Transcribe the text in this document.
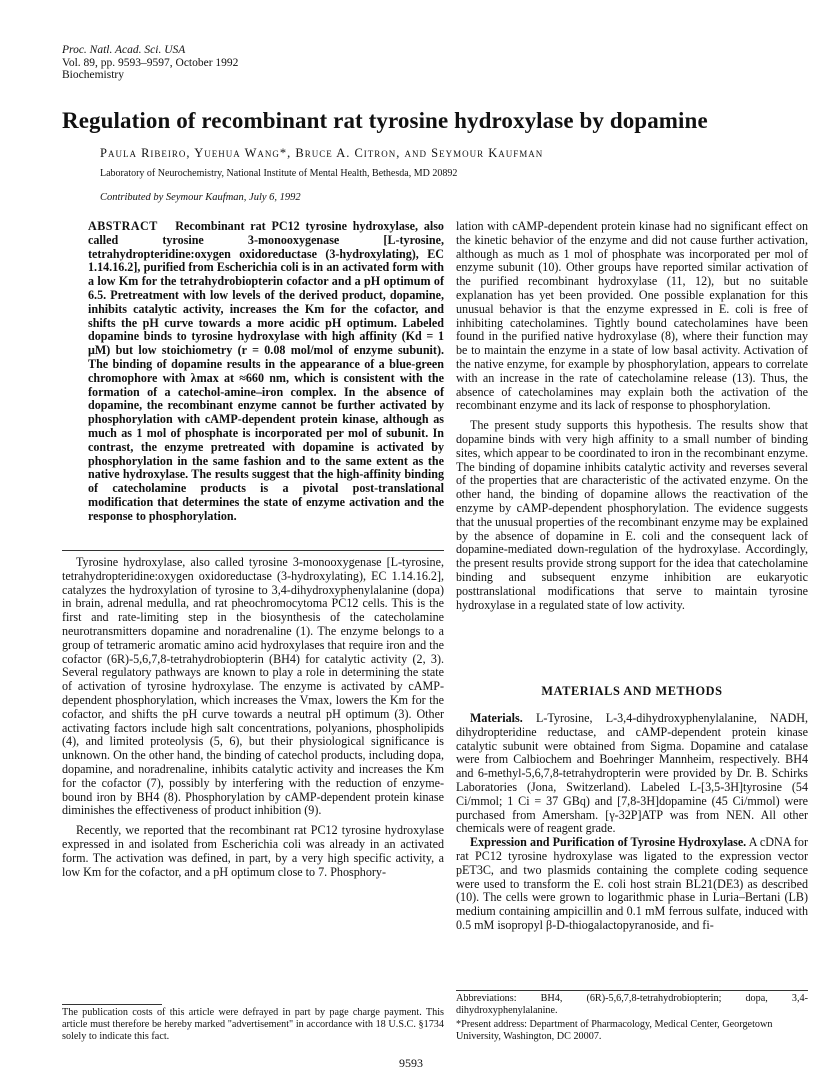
Proc. Natl. Acad. Sci. USA
Vol. 89, pp. 9593–9597, October 1992
Biochemistry
Regulation of recombinant rat tyrosine hydroxylase by dopamine
Paula Ribeiro, Yuehua Wang*, Bruce A. Citron, and Seymour Kaufman
Laboratory of Neurochemistry, National Institute of Mental Health, Bethesda, MD 20892
Contributed by Seymour Kaufman, July 6, 1992
ABSTRACT Recombinant rat PC12 tyrosine hydroxylase, also called tyrosine 3-monooxygenase [L-tyrosine, tetrahydropteridine:oxygen oxidoreductase (3-hydroxylating), EC 1.14.16.2], purified from Escherichia coli is in an activated form with a low Km for the tetrahydrobiopterin cofactor and a pH optimum of 6.5. Pretreatment with low levels of the derived product, dopamine, inhibits catalytic activity, increases the Km for the cofactor, and shifts the pH curve towards a more acidic pH optimum. Labeled dopamine binds to tyrosine hydroxylase with high affinity (Kd = 1 μM) but low stoichiometry (r = 0.08 mol/mol of enzyme subunit). The binding of dopamine results in the appearance of a blue-green chromophore with λmax at ≈660 nm, which is consistent with the formation of a catechol-amine–iron complex. In the absence of dopamine, the recombinant enzyme cannot be further activated by phosphorylation with cAMP-dependent protein kinase, although as much as 1 mol of phosphate is incorporated per mol of subunit. In contrast, the enzyme pretreated with dopamine is activated by phosphorylation in the same fashion and to the same extent as the native hydroxylase. The results suggest that the high-affinity binding of catecholamine products is a pivotal post-translational modification that determines the state of enzyme activation and the response to phosphorylation.

Tyrosine hydroxylase, also called tyrosine 3-monooxygenase [L-tyrosine, tetrahydropteridine:oxygen oxidoreductase (3-hydroxylating), EC 1.14.16.2], catalyzes the hydroxylation of tyrosine to 3,4-dihydroxyphenylalanine (dopa) in brain, adrenal medulla, and rat pheochromocytoma PC12 cells. This is the first and rate-limiting step in the biosynthesis of the catecholamine neurotransmitters dopamine and noradrenaline (1). The enzyme belongs to a group of tetrameric aromatic amino acid hydroxylases that require iron and the cofactor (6R)-5,6,7,8-tetrahydrobiopterin (BH4) for catalytic activity (2, 3). Several regulatory pathways are known to play a role in determining the state of activation of tyrosine hydroxylase. The enzyme is activated by cAMP-dependent phosphorylation, which increases the Vmax, lowers the Km for the cofactor, and shifts the pH curve towards a neutral pH optimum (3). Other activating factors include high salt concentrations, polyanions, phospholipids (4), and limited proteolysis (5, 6), but their physiological significance is unknown. On the other hand, the binding of catechol products, including dopa, dopamine, and noradrenaline, inhibits catalytic activity and increases the Km for the cofactor (7), possibly by interfering with the reduction of enzyme-bound iron by BH4 (8). Phosphorylation by cAMP-dependent protein kinase diminishes the effectiveness of product inhibition (9).

Recently, we reported that the recombinant rat PC12 tyrosine hydroxylase expressed in and isolated from Escherichia coli was already in an activated form. The activation was defined, in part, by a very high specific activity, a low Km for the cofactor, and a pH optimum close to 7. Phosphory-

The publication costs of this article were defrayed in part by page charge payment. This article must therefore be hereby marked "advertisement" in accordance with 18 U.S.C. §1734 solely to indicate this fact.

lation with cAMP-dependent protein kinase had no significant effect on the kinetic behavior of the enzyme and did not cause further activation, although as much as 1 mol of phosphate was incorporated per mol of enzyme subunit (10). Other groups have reported similar activation of the purified recombinant hydroxylase (11, 12), but no suitable explanation has yet been provided. One possible explanation for this unusual behavior is that the enzyme expressed in E. coli is free of inhibiting catecholamines. Tightly bound catecholamines have been found in the purified native hydroxylase (8), where their function may be to maintain the enzyme in a state of low basal activity. Activation of the native enzyme, for example by phosphorylation, appears to correlate with an increase in the rate of catecholamine release (13). Thus, the absence of catecholamines may explain both the activation of the recombinant enzyme and its lack of response to phosphorylation.

The present study supports this hypothesis. The results show that dopamine binds with very high affinity to a small number of binding sites, which appear to be coordinated to iron in the recombinant enzyme. The binding of dopamine inhibits catalytic activity and reverses several of the properties that are characteristic of the activated enzyme. On the other hand, the binding of dopamine allows the reactivation of the enzyme by cAMP-dependent phosphorylation. The evidence suggests that the unusual properties of the recombinant enzyme may be explained by the absence of dopamine in E. coli and the consequent lack of dopamine-mediated down-regulation of the hydroxylase. Accordingly, the present results provide strong support for the idea that catecholamine binding and subsequent enzyme inhibition are eukaryotic posttranslational modifications that serve to maintain tyrosine hydroxylase in a regulated state of low activity.

MATERIALS AND METHODS

Materials. L-Tyrosine, L-3,4-dihydroxyphenylalanine, NADH, dihydropteridine reductase, and cAMP-dependent protein kinase catalytic subunit were obtained from Sigma. Dopamine and catalase were from Calbiochem and Boehringer Mannheim, respectively. BH4 and 6-methyl-5,6,7,8-tetrahydropterin were provided by Dr. B. Schirks Laboratories (Jona, Switzerland). Labeled L-[3,5-3H]tyrosine (54 Ci/mmol; 1 Ci = 37 GBq) and [7,8-3H]dopamine (45 Ci/mmol) were purchased from Amersham. [γ-32P]ATP was from NEN. All other chemicals were of reagent grade.

Expression and Purification of Tyrosine Hydroxylase. A cDNA for rat PC12 tyrosine hydroxylase was ligated to the expression vector pET3C, and two plasmids containing the complete coding sequence were used to transform the E. coli host strain BL21(DE3) as described (10). The cells were grown to logarithmic phase in Luria–Bertani (LB) medium containing ampicillin and 0.1 mM ferrous sulfate, induced with 0.5 mM isopropyl β-D-thiogalactopyranoside, and fi-

Abbreviations: BH4, (6R)-5,6,7,8-tetrahydrobiopterin; dopa, 3,4-dihydroxyphenylalanine.
*Present address: Department of Pharmacology, Medical Center, Georgetown University, Washington, DC 20007.
9593
